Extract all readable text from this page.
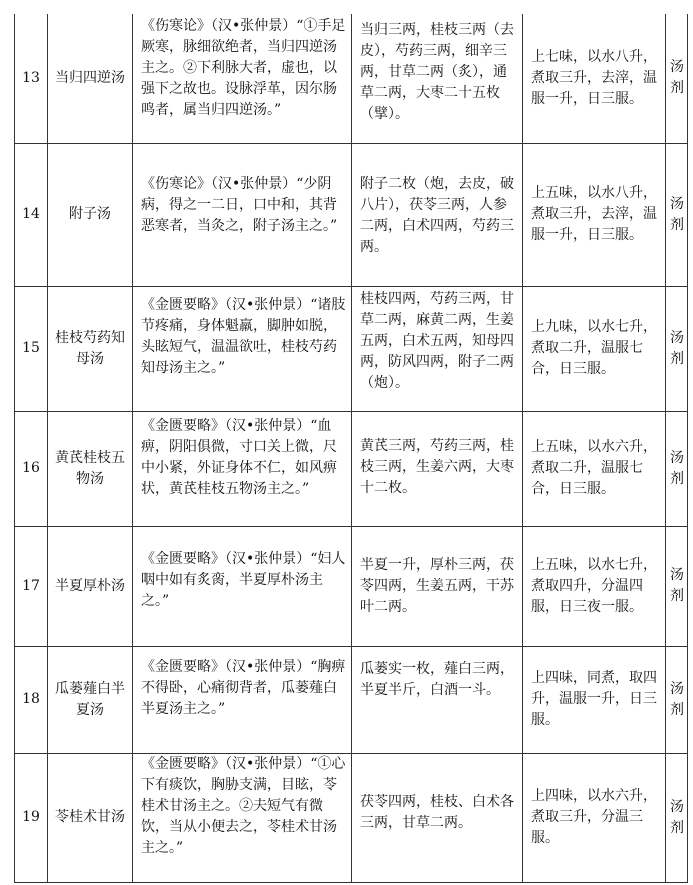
13	当归四逆汤	《伤寒论》（汉•张仲景）“①手足厥寒，脉细欲绝者，当归四逆汤主之。②下利脉大者，虚也，以强下之故也。设脉浮革，因尔肠鸣者，属当归四逆汤。”	当归三两，桂枝三两（去皮），芍药三两，细辛三两，甘草二两（炙），通草二两，大枣二十五枚（擘）。	上七味，以水八升，煮取三升，去滓，温服一升，日三服。	汤剂
14	附子汤	《伤寒论》（汉•张仲景）“少阴病，得之一二日，口中和，其背恶寒者，当灸之，附子汤主之。”	附子二枚（炮，去皮，破八片），茯苓三两，人参二两，白术四两，芍药三两。	上五味，以水八升，煮取三升，去滓，温服一升，日三服。	汤剂
15	桂枝芍药知母汤	《金匮要略》（汉•张仲景）“诸肢节疼痛，身体魁羸，脚肿如脱，头眩短气，温温欲吐，桂枝芍药知母汤主之。”	桂枝四两，芍药三两，甘草二两，麻黄二两，生姜五两，白术五两，知母四两，防风四两，附子二两（炮）。	上九味，以水七升，煮取二升，温服七合，日三服。	汤剂
16	黄芪桂枝五物汤	《金匮要略》（汉•张仲景）“血痹，阴阳俱微，寸口关上微，尺中小紧，外证身体不仁，如风痹状，黄芪桂枝五物汤主之。”	黄芪三两，芍药三两，桂枝三两，生姜六两，大枣十二枚。	上五味，以水六升，煮取二升，温服七合，日三服。	汤剂
17	半夏厚朴汤	《金匮要略》（汉•张仲景）“妇人咽中如有炙脔，半夏厚朴汤主之。”	半夏一升，厚朴三两，茯苓四两，生姜五两，干苏叶二两。	上五味，以水七升，煮取四升，分温四服，日三夜一服。	汤剂
18	瓜蒌薤白半夏汤	《金匮要略》（汉•张仲景）“胸痹不得卧，心痛彻背者，瓜蒌薤白半夏汤主之。”	瓜蒌实一枚，薤白三两，半夏半斤，白酒一斗。	上四味，同煮，取四升，温服一升，日三服。	汤剂
19	苓桂术甘汤	《金匮要略》（汉•张仲景）“①心下有痰饮，胸胁支满，目眩，苓桂术甘汤主之。②夫短气有微饮，当从小便去之，苓桂术甘汤主之。”	茯苓四两，桂枝、白术各三两，甘草二两。	上四味，以水六升，煮取三升，分温三服。	汤剂
